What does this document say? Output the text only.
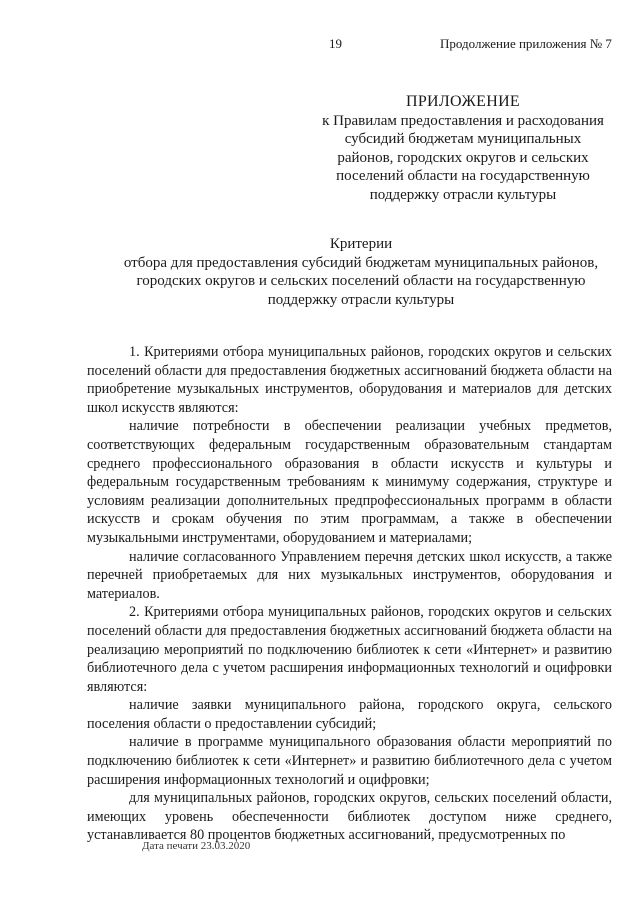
19	Продолжение приложения № 7
ПРИЛОЖЕНИЕ
к Правилам предоставления и расходования
субсидий бюджетам муниципальных
районов, городских округов и сельских
поселений области на государственную
поддержку отрасли культуры
Критерии
отбора для предоставления субсидий бюджетам муниципальных районов,
городских округов и сельских поселений области на государственную
поддержку отрасли культуры

1. Критериями отбора муниципальных районов, городских округов и сельских поселений области для предоставления бюджетных ассигнований бюджета области на приобретение музыкальных инструментов, оборудования и материалов для детских школ искусств являются:

наличие потребности в обеспечении реализации учебных предметов, соответствующих федеральным государственным образовательным стандартам среднего профессионального образования в области искусств и культуры и федеральным государственным требованиям к минимуму содержания, структуре и условиям реализации дополнительных предпрофессиональных программ в области искусств и срокам обучения по этим программам, а также в обеспечении музыкальными инструментами, оборудованием и материалами;

наличие согласованного Управлением перечня детских школ искусств, а также перечней приобретаемых для них музыкальных инструментов, оборудования и материалов.

2. Критериями отбора муниципальных районов, городских округов и сельских поселений области для предоставления бюджетных ассигнований бюджета области на реализацию мероприятий по подключению библиотек к сети «Интернет» и развитию библиотечного дела с учетом расширения информационных технологий и оцифровки являются:

наличие заявки муниципального района, городского округа, сельского поселения области о предоставлении субсидий;

наличие в программе муниципального образования области мероприятий по подключению библиотек к сети «Интернет» и развитию библиотечного дела с учетом расширения информационных технологий и оцифровки;

для муниципальных районов, городских округов, сельских поселений области, имеющих уровень обеспеченности библиотек доступом ниже среднего, устанавливается 80 процентов бюджетных ассигнований, предусмотренных по

Дата печати 23.03.2020
